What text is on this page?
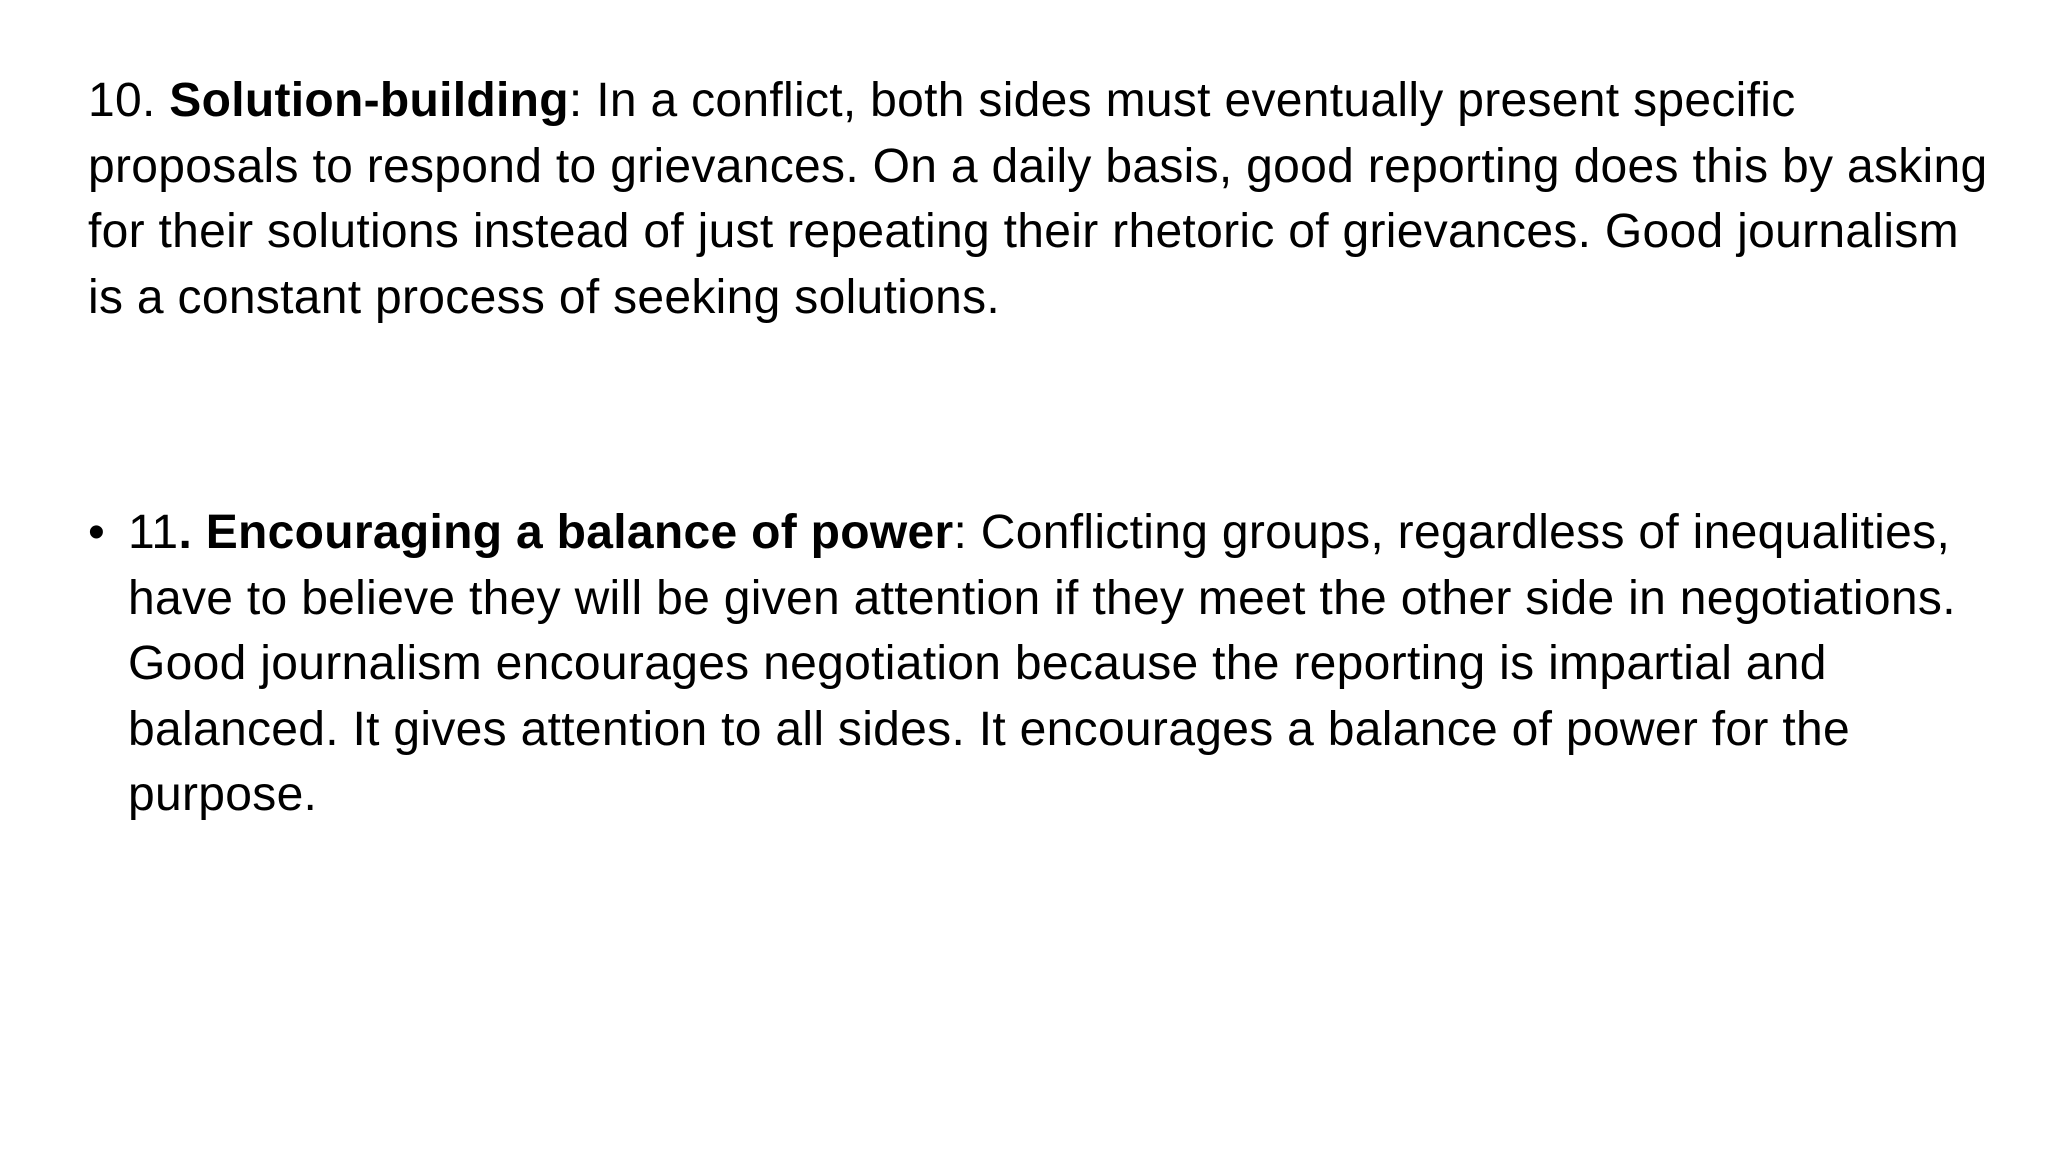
10. Solution-building: In a conflict, both sides must eventually present specific proposals to respond to grievances. On a daily basis, good reporting does this by asking for their solutions instead of just repeating their rhetoric of grievances. Good journalism is a constant process of seeking solutions.

• 11. Encouraging a balance of power: Conflicting groups, regardless of inequalities, have to believe they will be given attention if they meet the other side in negotiations. Good journalism encourages negotiation because the reporting is impartial and balanced. It gives attention to all sides. It encourages a balance of power for the purpose.
